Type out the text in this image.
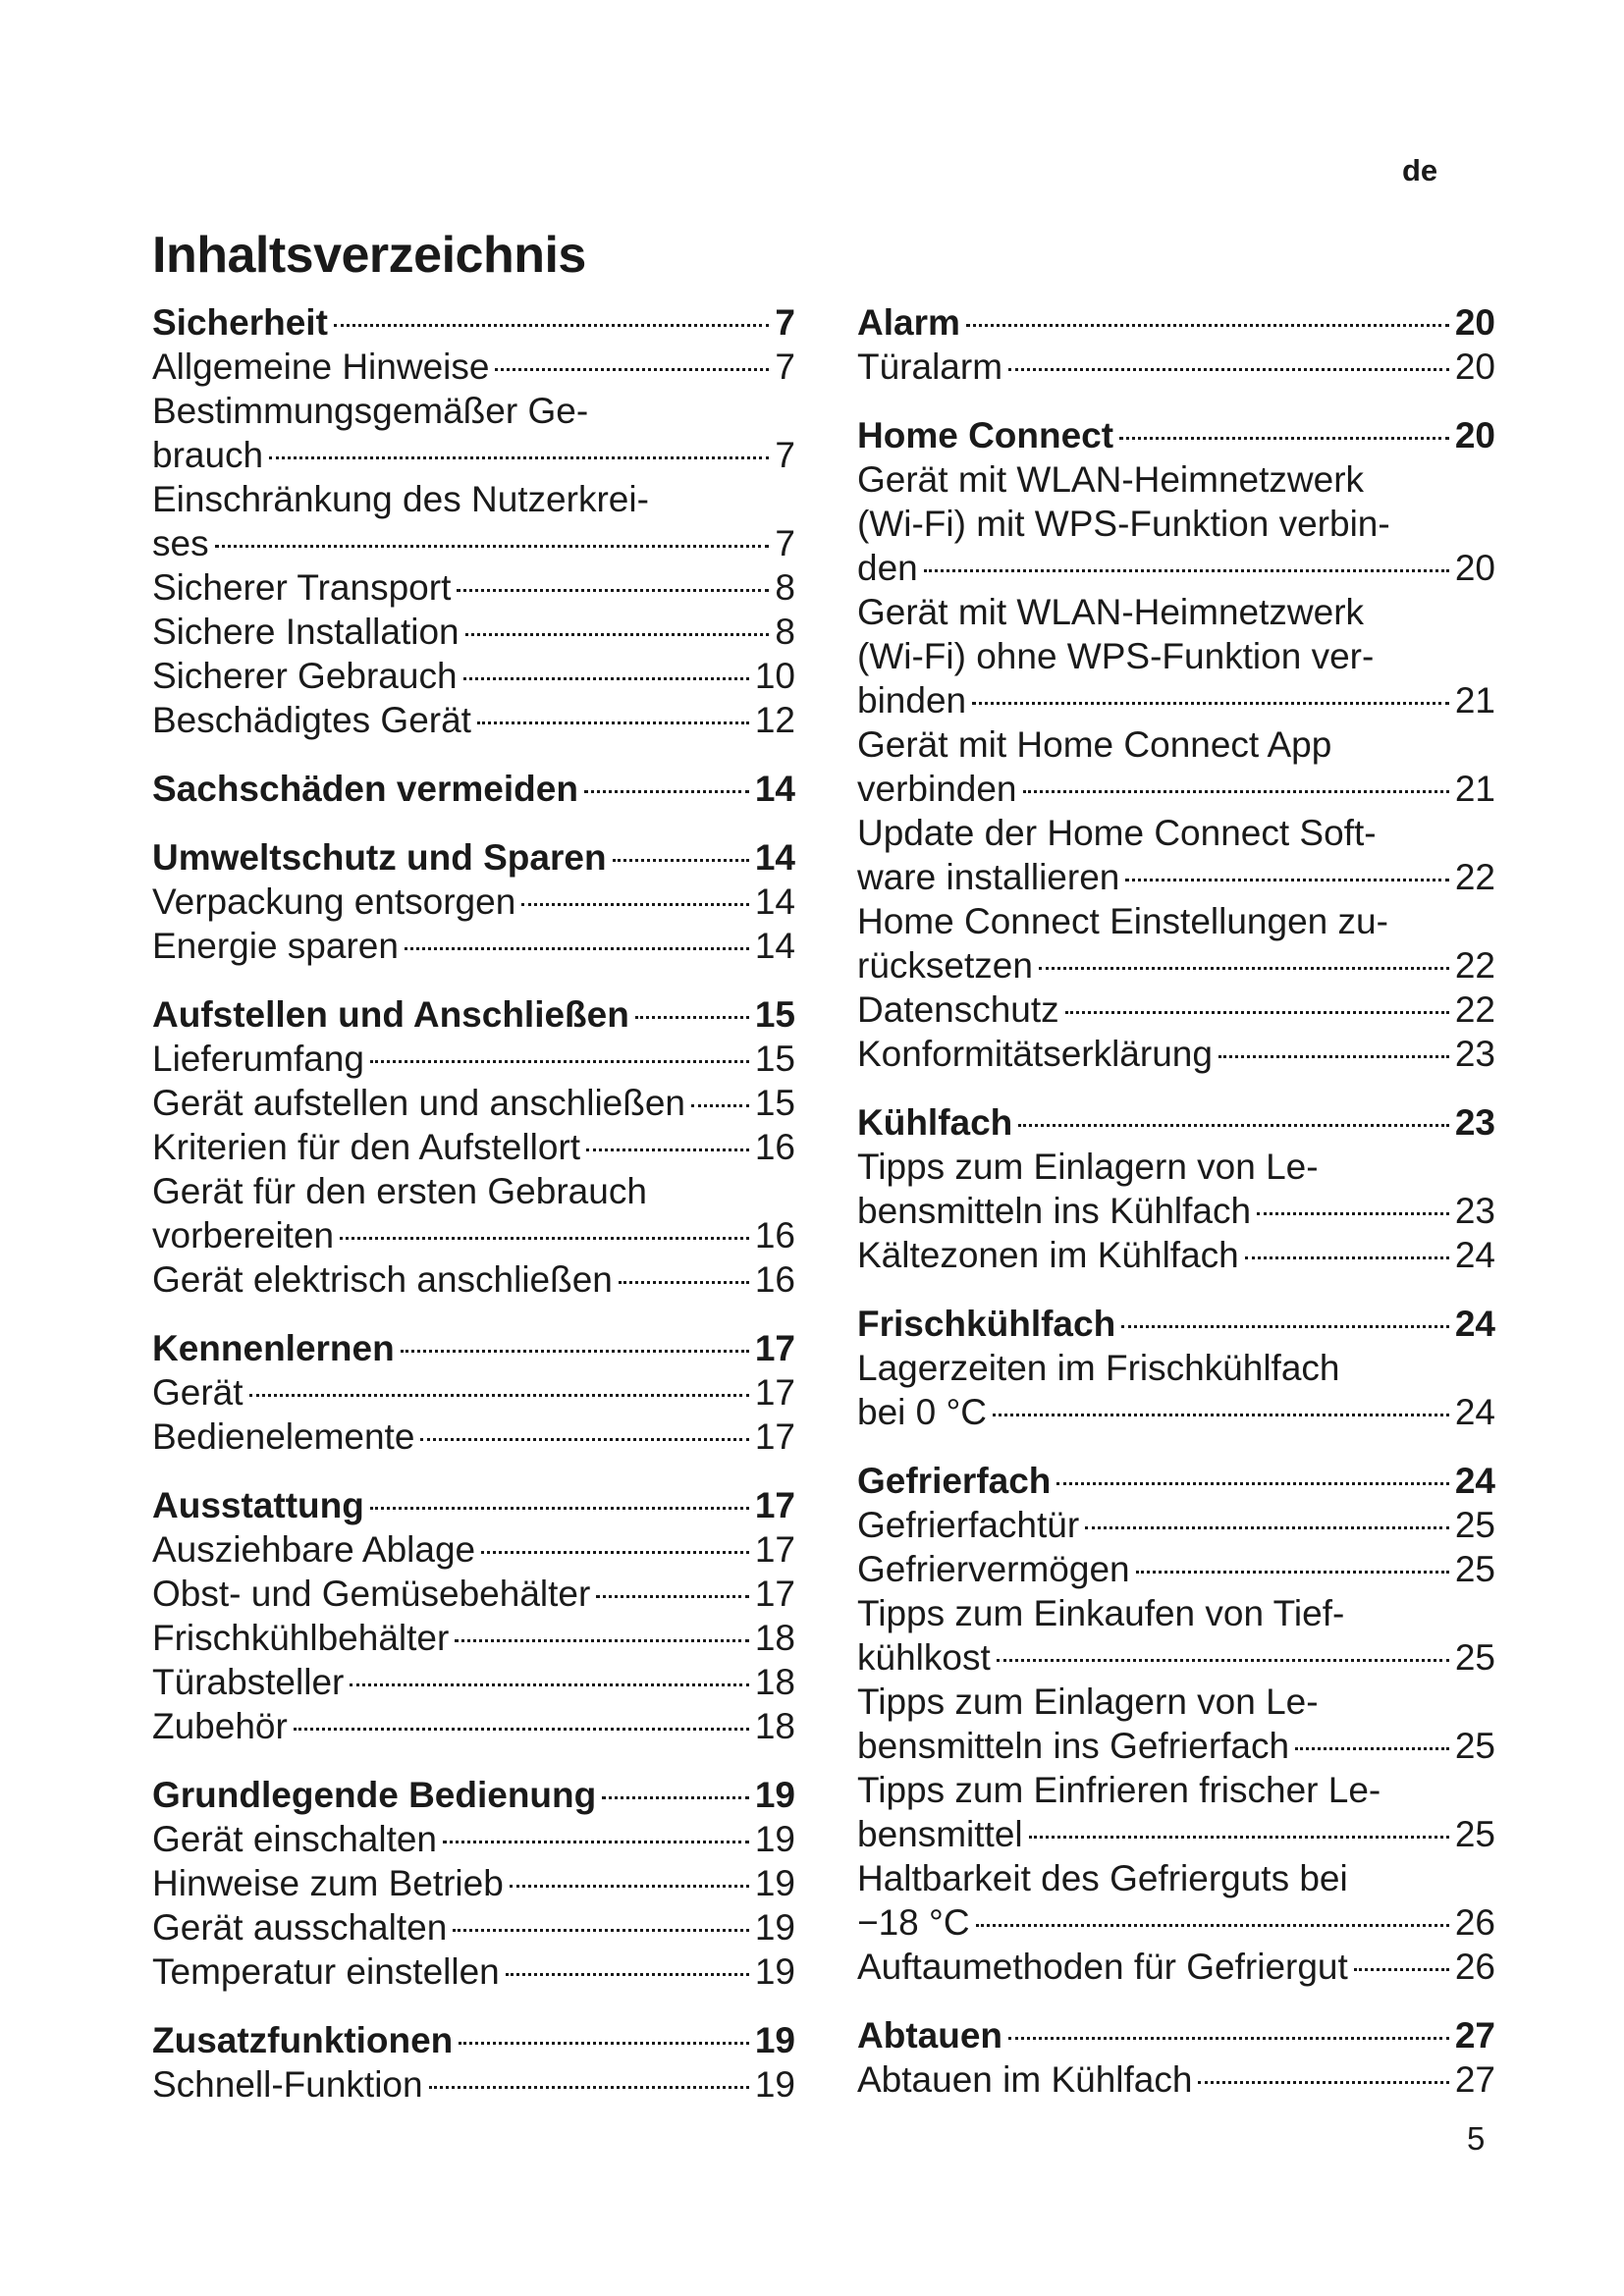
de
Inhaltsverzeichnis
Sicherheit	7
Allgemeine Hinweise	7
Bestimmungsgemäßer Ge-
brauch	7
Einschränkung des Nutzerkrei-
ses	7
Sicherer Transport	8
Sichere Installation	8
Sicherer Gebrauch	10
Beschädigtes Gerät	12
Sachschäden vermeiden	14
Umweltschutz und Sparen	14
Verpackung entsorgen	14
Energie sparen	14
Aufstellen und Anschließen	15
Lieferumfang	15
Gerät aufstellen und anschließen 15
Kriterien für den Aufstellort	16
Gerät für den ersten Gebrauch
vorbereiten	16
Gerät elektrisch anschließen	16
Kennenlernen	17
Gerät	17
Bedienelemente	17
Ausstattung	17
Ausziehbare Ablage	17
Obst- und Gemüsebehälter	17
Frischkühlbehälter	18
Türabsteller	18
Zubehör	18
Grundlegende Bedienung	19
Gerät einschalten	19
Hinweise zum Betrieb	19
Gerät ausschalten	19
Temperatur einstellen	19
Zusatzfunktionen	19
Schnell-Funktion	19
Alarm	20
Türalarm	20
Home Connect	20
Gerät mit WLAN-Heimnetzwerk
(Wi-Fi) mit WPS-Funktion verbin-
den	20
Gerät mit WLAN-Heimnetzwerk
(Wi-Fi) ohne WPS-Funktion ver-
binden	21
Gerät mit Home Connect App
verbinden	21
Update der Home Connect Soft-
ware installieren	22
Home Connect Einstellungen zu-
rücksetzen	22
Datenschutz	22
Konformitätserklärung	23
Kühlfach	23
Tipps zum Einlagern von Le-
bensmitteln ins Kühlfach	23
Kältezonen im Kühlfach	24
Frischkühlfach	24
Lagerzeiten im Frischkühlfach
bei 0 °C	24
Gefrierfach	24
Gefrierfachtür	25
Gefriervermögen	25
Tipps zum Einkaufen von Tief-
kühlkost	25
Tipps zum Einlagern von Le-
bensmitteln ins Gefrierfach	25
Tipps zum Einfrieren frischer Le-
bensmittel	25
Haltbarkeit des Gefrierguts bei
−18 °C	26
Auftaumethoden für Gefriergut	26
Abtauen	27
Abtauen im Kühlfach	27
5
